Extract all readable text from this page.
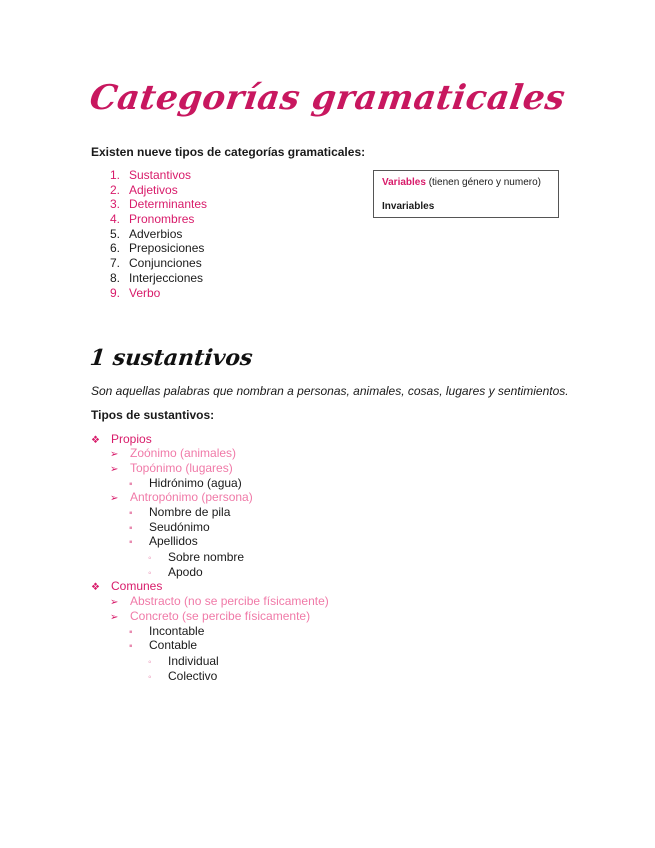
Categorías gramaticales
Existen nueve tipos de categorías gramaticales:
1. Sustantivos
2. Adjetivos
3. Determinantes
4. Pronombres
5. Adverbios
6. Preposiciones
7. Conjunciones
8. Interjecciones
9. Verbo
Variables (tienen género y numero)
Invariables
1 sustantivos
Son aquellas palabras que nombran a personas, animales, cosas, lugares y sentimientos.
Tipos de sustantivos:
❖ Propios
➢ Zoónimo (animales)
➢ Topónimo (lugares)
▪ Hidrónimo (agua)
➢ Antropónimo (persona)
▪ Nombre de pila
▪ Seudónimo
▪ Apellidos
◦ Sobre nombre
◦ Apodo
❖ Comunes
➢ Abstracto (no se percibe físicamente)
➢ Concreto (se percibe físicamente)
▪ Incontable
▪ Contable
◦ Individual
◦ Colectivo
